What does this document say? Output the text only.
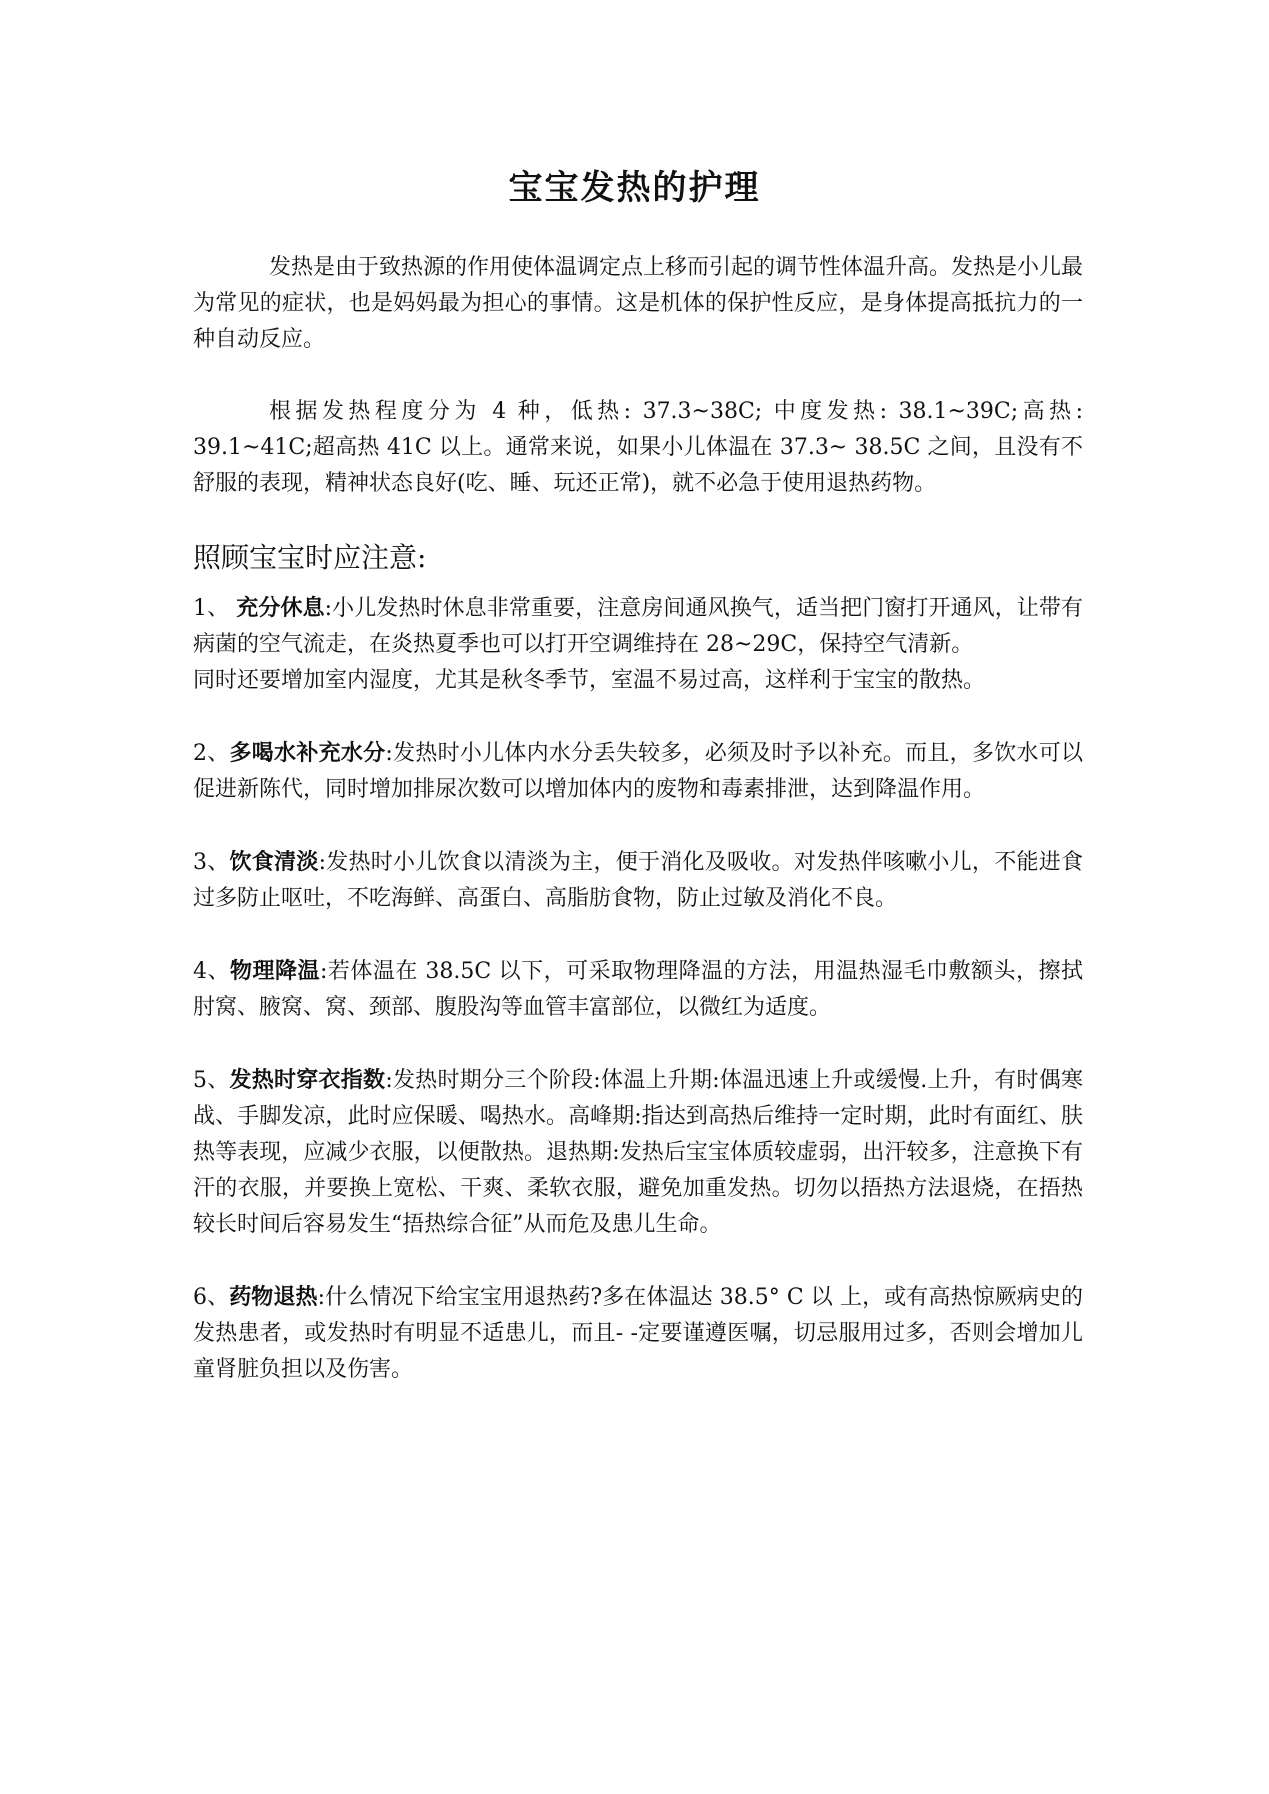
宝宝发热的护理

发热是由于致热源的作用使体温调定点上移而引起的调节性体温升高。发热是小儿最为常见的症状，也是妈妈最为担心的事情。这是机体的保护性反应，是身体提高抵抗力的一种自动反应。

根据发热程度分为 4 种，低热: 37.3~38C; 中度发热: 38.1~39C;高热: 39.1~41C;超高热 41C 以上。通常来说，如果小儿体温在 37.3~ 38.5C 之间，且没有不舒服的表现，精神状态良好(吃、睡、玩还正常)，就不必急于使用退热药物。

照顾宝宝时应注意:

1、 充分休息:小儿发热时休息非常重要，注意房间通风换气，适当把门窗打开通风，让带有病菌的空气流走，在炎热夏季也可以打开空调维持在 28~29C，保持空气清新。
同时还要增加室内湿度，尤其是秋冬季节，室温不易过高，这样利于宝宝的散热。

2、多喝水补充水分:发热时小儿体内水分丢失较多，必须及时予以补充。而且，多饮水可以促进新陈代，同时增加排尿次数可以增加体内的废物和毒素排泄，达到降温作用。

3、饮食清淡:发热时小儿饮食以清淡为主，便于消化及吸收。对发热伴咳嗽小儿，不能进食过多防止呕吐，不吃海鲜、高蛋白、高脂肪食物，防止过敏及消化不良。

4、物理降温:若体温在 38.5C 以下，可采取物理降温的方法，用温热湿毛巾敷额头，擦拭肘窝、腋窝、窝、颈部、腹股沟等血管丰富部位，以微红为适度。

5、发热时穿衣指数:发热时期分三个阶段:体温上升期:体温迅速上升或缓慢.上升，有时偶寒战、手脚发凉，此时应保暖、喝热水。高峰期:指达到高热后维持一定时期，此时有面红、肤热等表现，应减少衣服，以便散热。退热期:发热后宝宝体质较虚弱，出汗较多，注意换下有汗的衣服，并要换上宽松、干爽、柔软衣服，避免加重发热。切勿以捂热方法退烧，在捂热较长时间后容易发生“捂热综合征”从而危及患儿生命。

6、药物退热:什么情况下给宝宝用退热药?多在体温达 38.5° C 以 上，或有高热惊厥病史的发热患者，或发热时有明显不适患儿，而且- -定要谨遵医嘱，切忌服用过多，否则会增加儿童肾脏负担以及伤害。
